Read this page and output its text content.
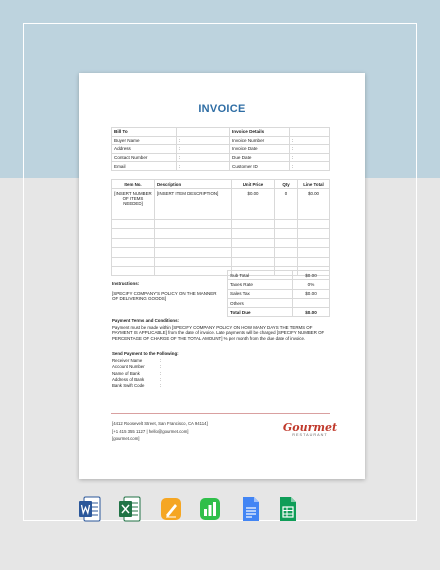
INVOICE
Bill To		Invoice Details	
Buyer Name	:	Invoice Number	:
Address	:	Invoice Date	:
Contact Number	:	Due Date	:
Email	:	Customer ID	:
Item No.	Description	Unit Price	Qty	Line Total
[INSERT NUMBER OF ITEMS NEEDED]	[INSERT ITEM DESCRIPTION]	$0.00	0	$0.00

	Sub Total	$0.00
	Taxes Rate	0%
	Sales Tax	$0.00
	Others	
	Total Due	$0.00
Instructions:
[SPECIFY COMPANY'S POLICY ON THE MANNER OF DELIVERING GOODS]
Payment Terms and Conditions:
Payment must be made within [SPECIFY COMPANY POLICY ON HOW MANY DAYS THE TERMS OF PAYMENT IS APPLICABLE] from the date of invoice. Late payments will be charged [SPECIFY NUMBER OF PERCENTAGE OF CHARGE OF THE TOTAL AMOUNT] % per month from the due date of invoice.
Send Payment to the Following:
Receiver Name	:
Account Number	:
Name of Bank	:
Address of Bank	:
Bank Swift Code	:
[4412 Roosevelt Street, San Francisco, CA 94114]
[+1 415 355 1127 | hello@gourmet.com]
[gourmet.com]
Gourmet
RESTAURANT
